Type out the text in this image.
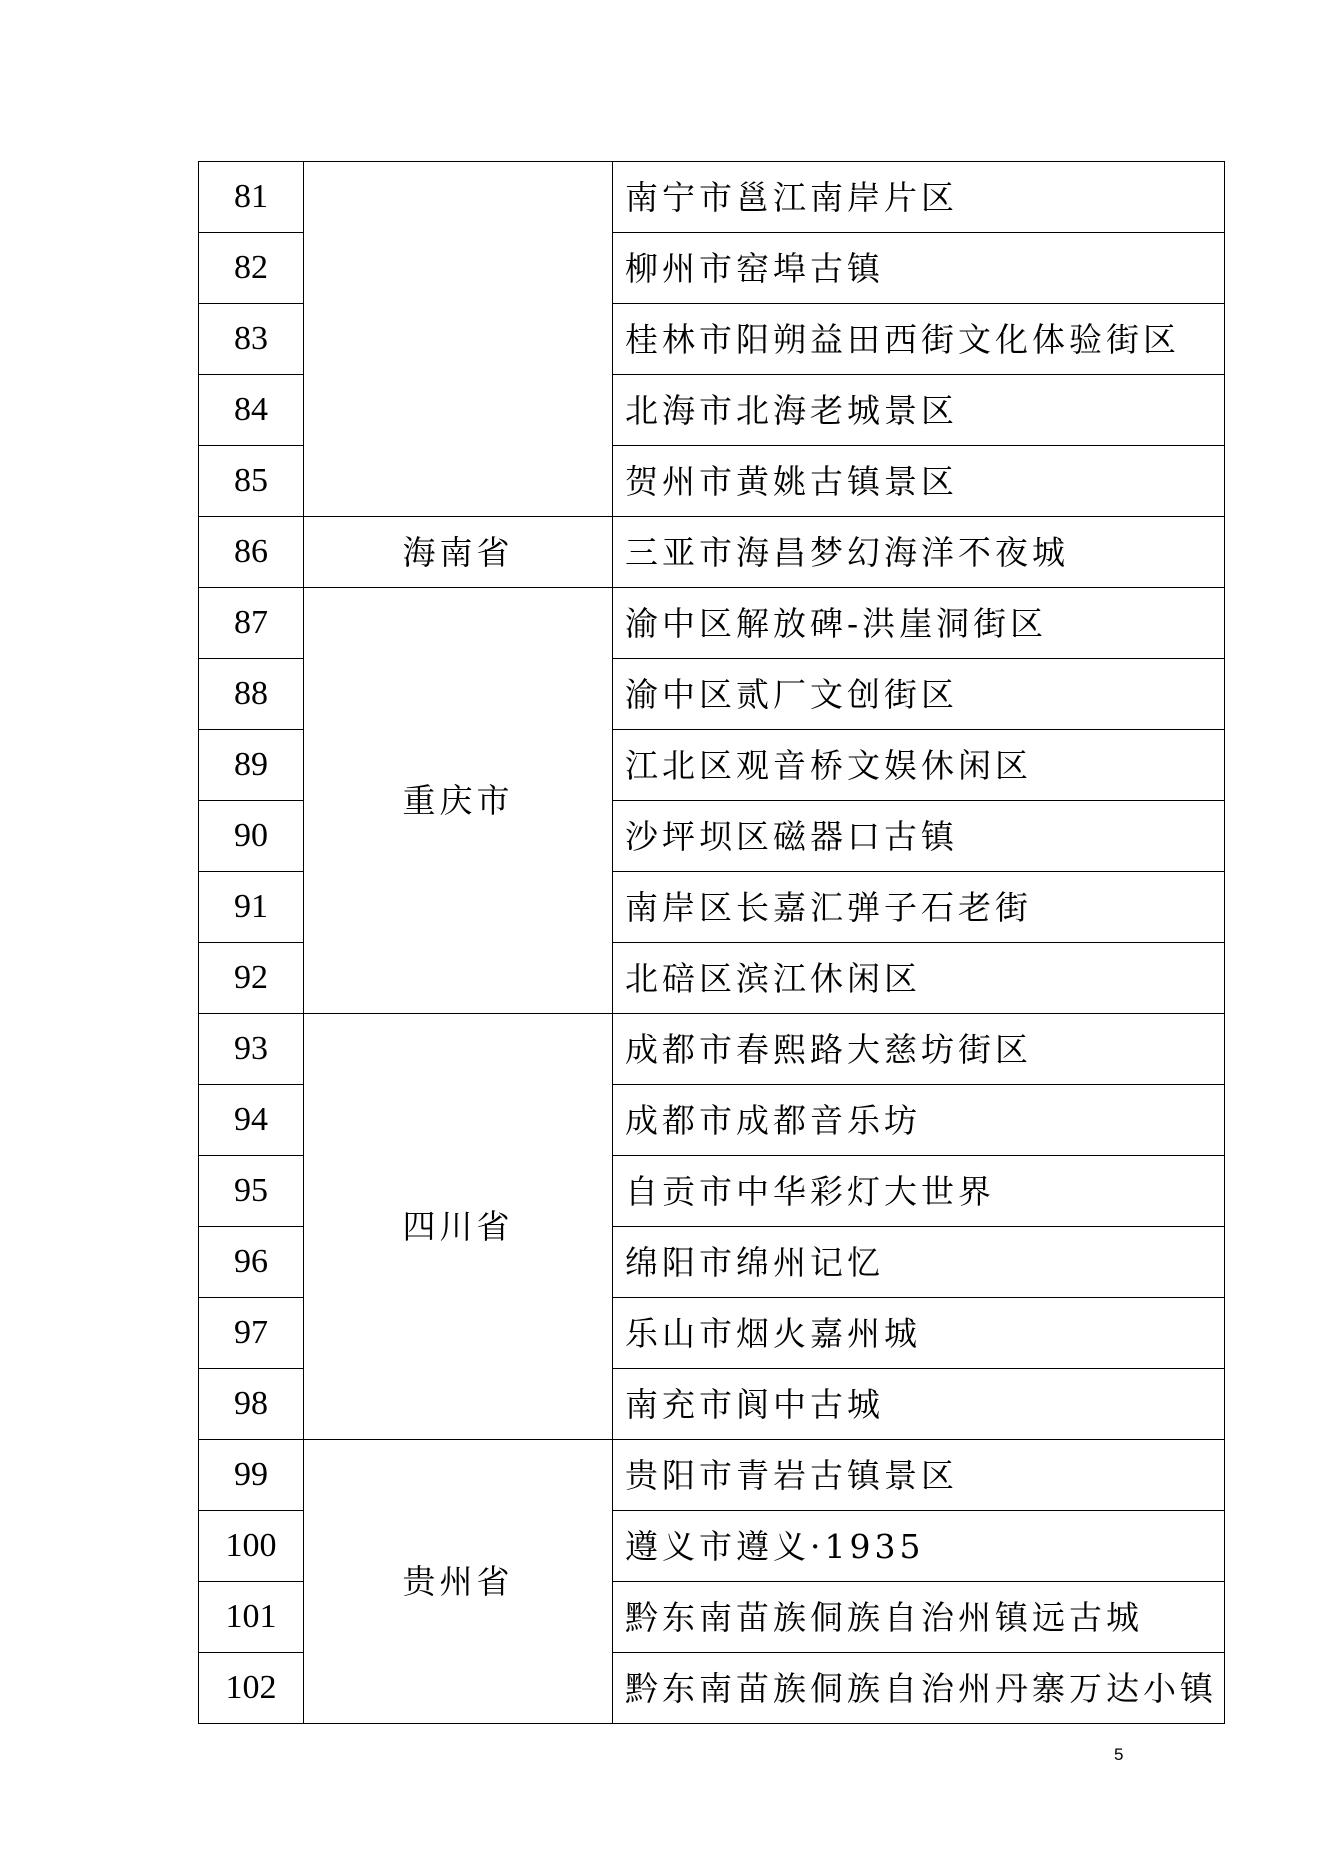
81		南宁市邕江南岸片区
82		柳州市窑埠古镇
83		桂林市阳朔益田西街文化体验街区
84		北海市北海老城景区
85		贺州市黄姚古镇景区
86	海南省	三亚市海昌梦幻海洋不夜城
87	重庆市	渝中区解放碑-洪崖洞街区
88		渝中区贰厂文创街区
89		江北区观音桥文娱休闲区
90		沙坪坝区磁器口古镇
91		南岸区长嘉汇弹子石老街
92		北碚区滨江休闲区
93	四川省	成都市春熙路大慈坊街区
94		成都市成都音乐坊
95		自贡市中华彩灯大世界
96		绵阳市绵州记忆
97		乐山市烟火嘉州城
98		南充市阆中古城
99	贵州省	贵阳市青岩古镇景区
100		遵义市遵义·1935
101		黔东南苗族侗族自治州镇远古城
102		黔东南苗族侗族自治州丹寨万达小镇
5
